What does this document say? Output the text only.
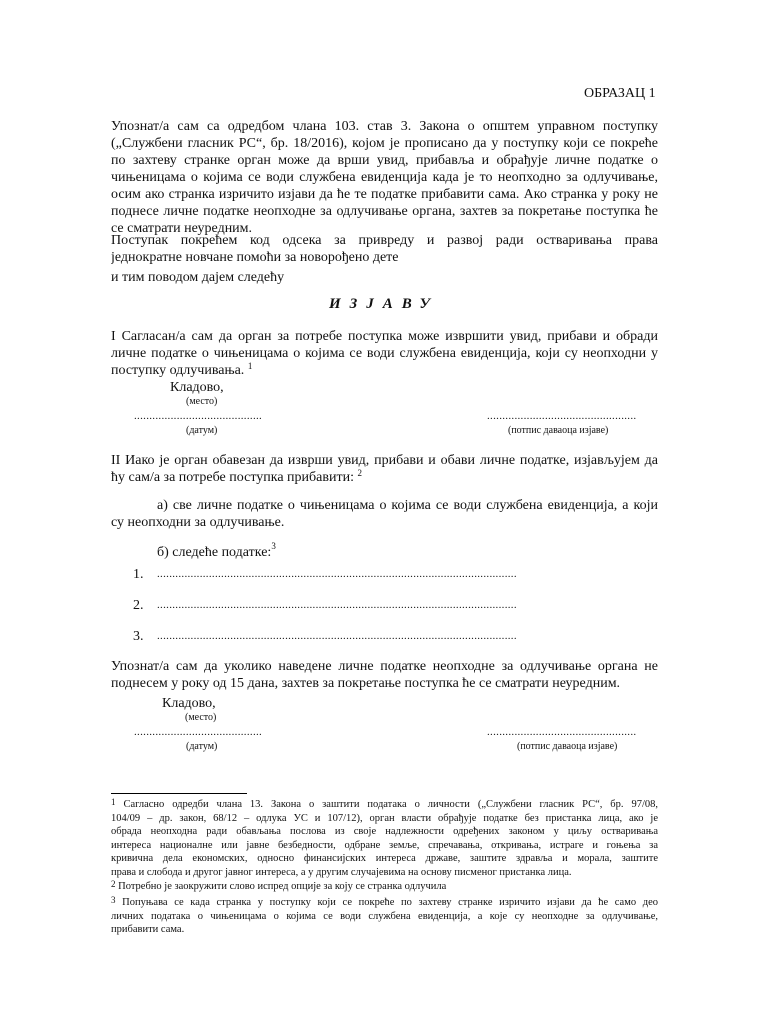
ОБРАЗАЦ 1
Упознат/а сам са одредбом члана 103. став 3. Закона о општем управном поступку
(„Службени гласник РС“, бр. 18/2016), којом је прописано да у поступку који се покреће
по захтеву странке орган може да врши увид, прибавља и обрађује личне податке о
чињеницама о којима се води службена евиденција када је то неопходно за одлучивање,
осим ако странка изричито изјави да ће те податке прибавити сама. Ако странка у року не
поднесе личне податке неопходне за одлучивање органа, захтев за покретање поступка ће
се сматрати неуредним.
Поступак покрећем код одсека за привреду и развој ради остваривања права
једнократне новчане помоћи за новорођено дете
и тим поводом дајем следећу
ИЗЈАВУ
I Сагласан/а сам да орган за потребе поступка може извршити увид, прибави и обради
личне податке о чињеницама о којима се води службена евиденција, који су неопходни у
поступку одлучивања. $^1$
Кладово,
(место)
..........................................	.................................................
(датум)	(потпис даваоца изјаве)
II Иако је орган обавезан да изврши увид, прибави и обави личне податке, изјављујем да
ћу сам/а за потребе поступка прибавити: $^2$
а) све личне податке о чињеницама о којима се води службена евиденција, а који
су неопходни за одлучивање.
б) следеће податке:$^3$
1. ......................................................................................................................
2. ......................................................................................................................
3. ......................................................................................................................
Упознат/а сам да уколико наведене личне податке неопходне за одлучивање органа не
поднесем у року од 15 дана, захтев за покретање поступка ће се сматрати неуредним.
Кладово,
(место)
..........................................	.................................................
(датум)	(потпис даваоца изјаве)
$^1$ Сагласно одредби члана 13. Закона о заштити података о личности („Службени гласник РС“, бр. 97/08,
104/09 – др. закон, 68/12 – одлука УС и 107/12), орган власти обрађује податке без пристанка лица, ако је
обрада неопходна ради обављања послова из своје надлежности одређених законом у циљу остваривања
интереса националне или јавне безбедности, одбране земље, спречавања, откривања, истраге и гоњења за
кривична дела економских, односно финансијских интереса државе, заштите здравља и морала, заштите
права и слобода и другог јавног интереса, а у другим случајевима на основу писменог пристанка лица.
$^2$ Потребно је заокружити слово испред опције за коју се странка одлучила
$^3$ Попуњава се када странка у поступку који се покреће по захтеву странке изричито изјави да ће само део
личних података о чињеницама о којима се води службена евиденција, а које су неопходне за одлучивање,
прибавити сама.
